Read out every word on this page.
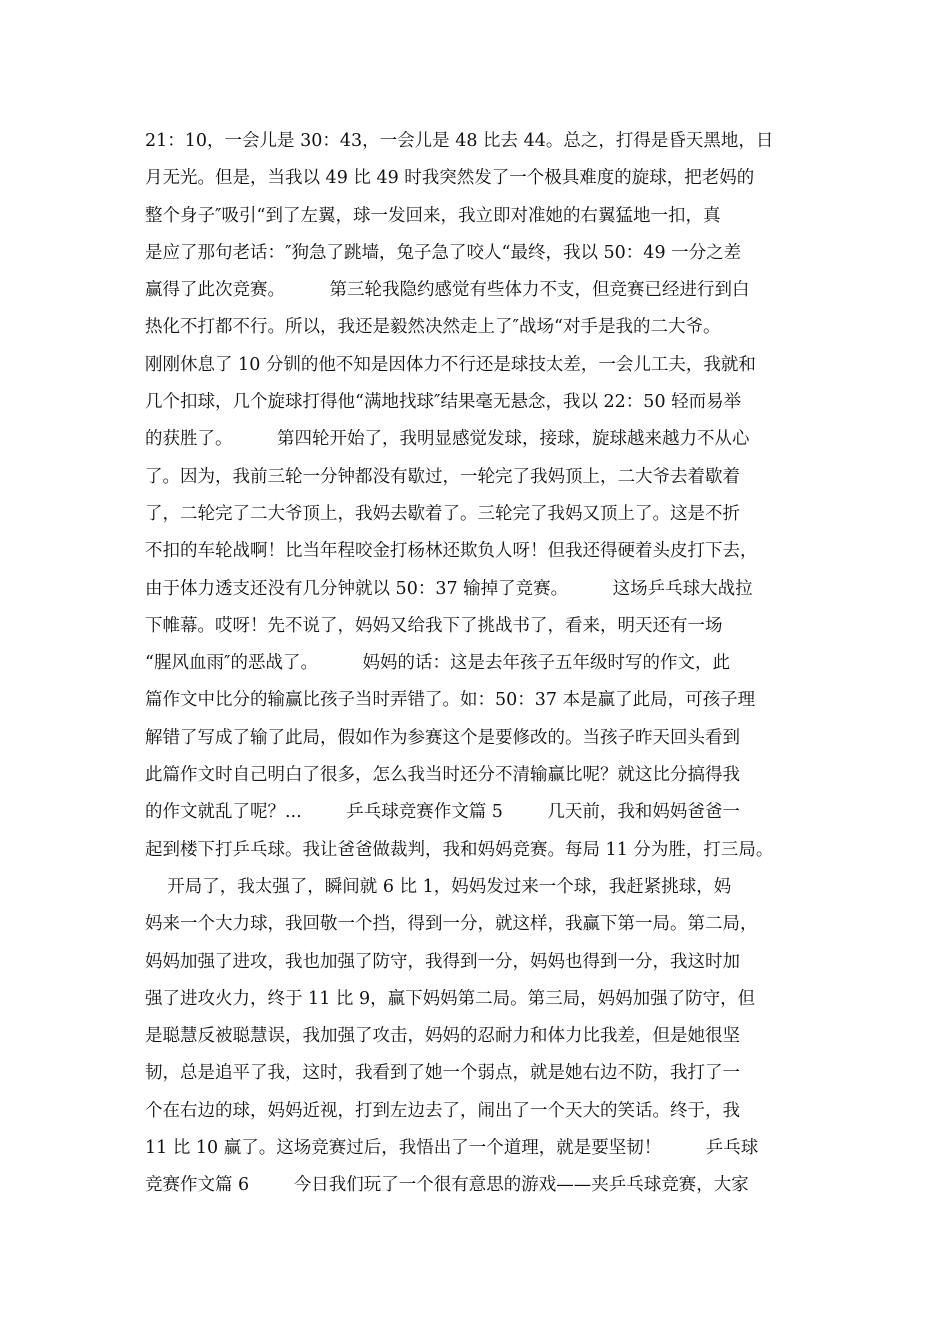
21：10，一会儿是 30：43，一会儿是 48 比去 44。总之，打得是昏天黑地，日
月无光。但是，当我以 49 比 49 时我突然发了一个极具难度的旋球，把老妈的
整个身子″吸引“到了左翼，球一发回来，我立即对准她的右翼猛地一扣，真
是应了那句老话：″狗急了跳墙，兔子急了咬人“最终，我以 50：49 一分之差
赢得了此次竞赛。        第三轮我隐约感觉有些体力不支，但竞赛已经进行到白
热化不打都不行。所以，我还是毅然决然走上了″战场“对手是我的二大爷。
刚刚休息了 10 分钏的他不知是因体力不行还是球技太差，一会儿工夫，我就和
几个扣球，几个旋球打得他“满地找球″结果毫无悬念，我以 22：50 轻而易举
的获胜了。        第四轮开始了，我明显感觉发球，接球，旋球越来越力不从心
了。因为，我前三轮一分钟都没有歇过，一轮完了我妈顶上，二大爷去着歇着
了，二轮完了二大爷顶上，我妈去歇着了。三轮完了我妈又顶上了。这是不折
不扣的车轮战啊！比当年程咬金打杨林还欺负人呀！但我还得硬着头皮打下去，
由于体力透支还没有几分钟就以 50：37 输掉了竞赛。        这场乒乓球大战拉
下帷幕。哎呀！先不说了，妈妈又给我下了挑战书了，看来，明天还有一场
“腥风血雨″的恶战了。        妈妈的话：这是去年孩子五年级时写的作文，此
篇作文中比分的输赢比孩子当时弄错了。如：50：37 本是赢了此局，可孩子理
解错了写成了输了此局，假如作为参赛这个是要修改的。当孩子昨天回头看到
此篇作文时自己明白了很多，怎么我当时还分不清输赢比呢？就这比分搞得我
的作文就乱了呢？...        乒乓球竞赛作文篇 5        几天前，我和妈妈爸爸一
起到楼下打乒乓球。我让爸爸做裁判，我和妈妈竞赛。每局 11 分为胜，打三局。
开局了，我太强了，瞬间就 6 比 1，妈妈发过来一个球，我赶紧挑球，妈
妈来一个大力球，我回敬一个挡，得到一分，就这样，我赢下第一局。第二局，
妈妈加强了进攻，我也加强了防守，我得到一分，妈妈也得到一分，我这时加
强了进攻火力，终于 11 比 9，赢下妈妈第二局。第三局，妈妈加强了防守，但
是聪慧反被聪慧误，我加强了攻击，妈妈的忍耐力和体力比我差，但是她很坚
韧，总是追平了我，这时，我看到了她一个弱点，就是她右边不防，我打了一
个在右边的球，妈妈近视，打到左边去了，闹出了一个天大的笑话。终于，我
11 比 10 赢了。这场竞赛过后，我悟出了一个道理，就是要坚韧！        乒乓球
竞赛作文篇 6        今日我们玩了一个很有意思的游戏——夹乒乓球竞赛，大家
